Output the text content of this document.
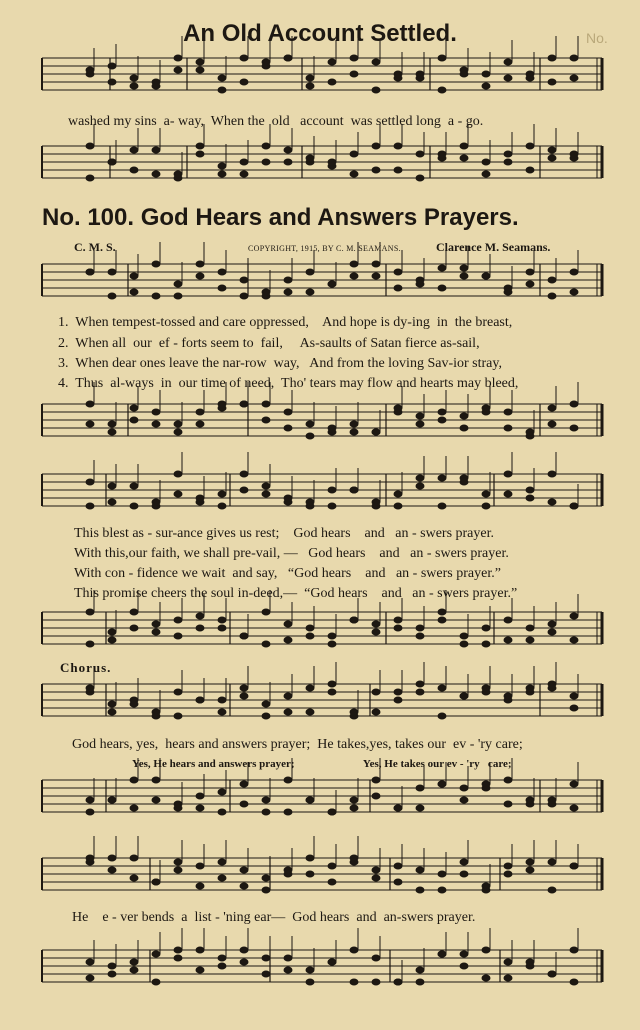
No.
An Old Account Settled.
washed my sins  a- way,  When the  old   account  was settled long  a - go.
No. 100. God Hears and Answers Prayers.
C. M. S.	COPYRIGHT, 1915, BY C. M. SEAMANS.	Clarence M. Seamans.
1.  When tempest-tossed and care oppressed,    And hope is dy-ing  in  the breast,
2.  When all  our  ef - forts seem to  fail,     As-saults of Satan fierce as-sail,
3.  When dear ones leave the nar-row  way,   And from the loving Sav-ior stray,
4.  Thus  al-ways  in  our time of need,  Tho' tears may flow and hearts may bleed,
This blest as - sur-ance gives us rest;    God hears    and   an - swers prayer.
With this,our faith, we shall pre-vail, —   God hears    and   an - swers prayer.
With con - fidence we wait  and say,   “God hears    and   an - swers prayer.”
This promise cheers the soul in-deed,—  “God hears    and   an - swers prayer.”
Chorus.
God hears, yes,  hears and answers prayer;  He takes,yes, takes our  ev - 'ry care;
Yes, He hears and answers prayer;                         Yes, He takes our ev - 'ry   care;
He    e - ver bends  a  list - 'ning ear—  God hears  and  an-swers prayer.
